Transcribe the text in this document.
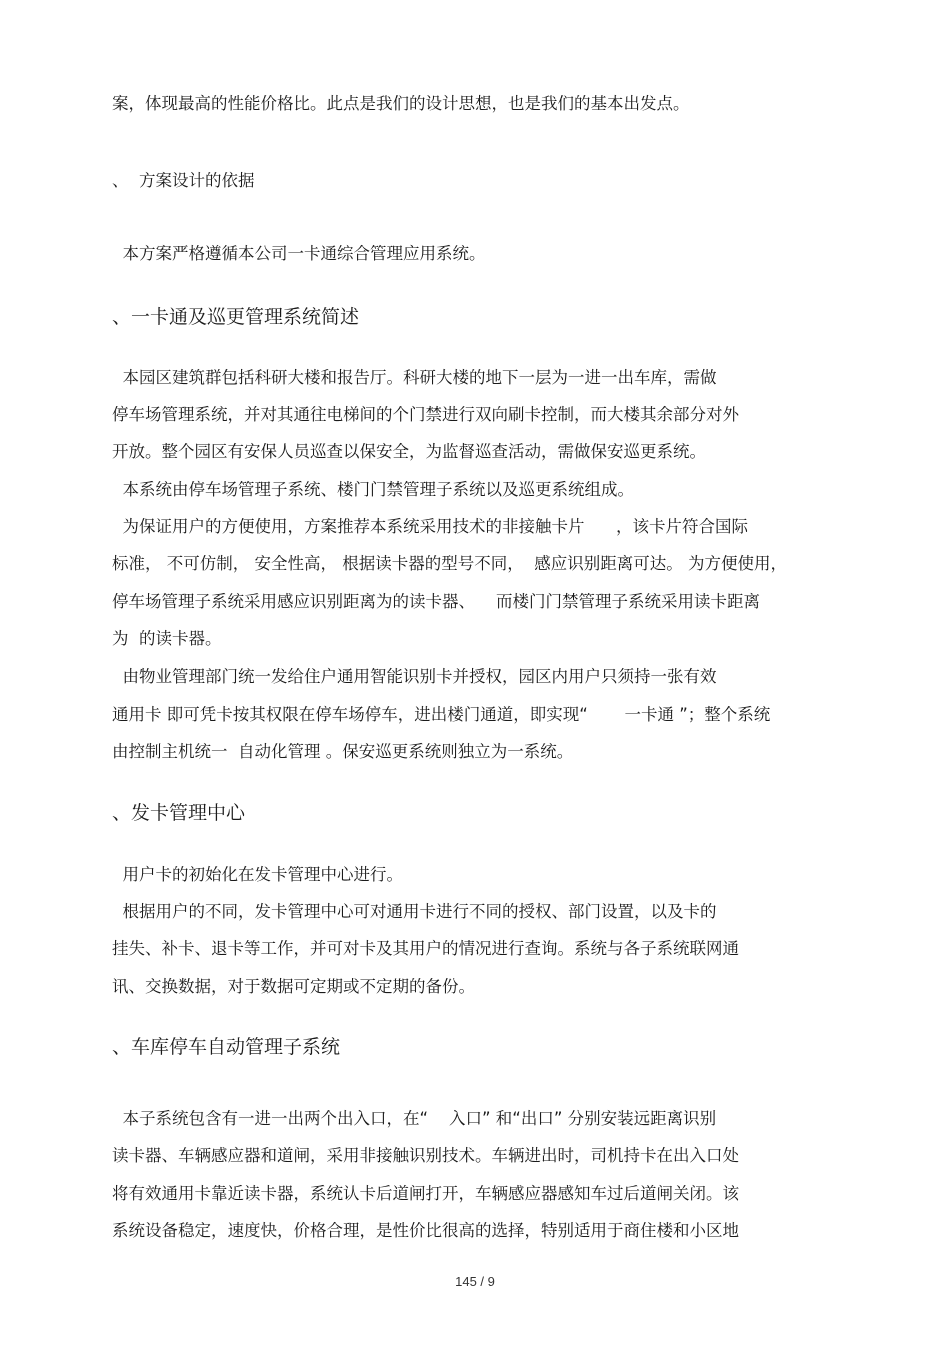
案，体现最高的性能价格比。此点是我们的设计思想，也是我们的基本出发点。

、  方案设计的依据

本方案严格遵循本公司一卡通综合管理应用系统。

、一卡通及巡更管理系统简述

本园区建筑群包括科研大楼和报告厅。科研大楼的地下一层为一进一出车库，需做

停车场管理系统，并对其通往电梯间的个门禁进行双向刷卡控制，而大楼其余部分对外

开放。整个园区有安保人员巡查以保安全，为监督巡查活动，需做保安巡更系统。

本系统由停车场管理子系统、楼门门禁管理子系统以及巡更系统组成。

为保证用户的方便使用，方案推荐本系统采用技术的非接触卡片      ，该卡片符合国际

标准， 不可仿制， 安全性高， 根据读卡器的型号不同，  感应识别距离可达。 为方便使用，

停车场管理子系统采用感应识别距离为的读卡器、    而楼门门禁管理子系统采用读卡距离

为  的读卡器。

由物业管理部门统一发给住户通用智能识别卡并授权，园区内用户只须持一张有效

通用卡 即可凭卡按其权限在停车场停车，进出楼门通道，即实现“       一卡通 ”；整个系统

由控制主机统一  自动化管理 。保安巡更系统则独立为一系统。

、发卡管理中心

用户卡的初始化在发卡管理中心进行。

根据用户的不同，发卡管理中心可对通用卡进行不同的授权、部门设置，以及卡的

挂失、补卡、退卡等工作，并可对卡及其用户的情况进行查询。系统与各子系统联网通

讯、交换数据，对于数据可定期或不定期的备份。

、车库停车自动管理子系统

本子系统包含有一进一出两个出入口，在“    入口” 和“出口” 分别安装远距离识别

读卡器、车辆感应器和道闸，采用非接触识别技术。车辆进出时，司机持卡在出入口处

将有效通用卡靠近读卡器，系统认卡后道闸打开，车辆感应器感知车过后道闸关闭。该

系统设备稳定，速度快，价格合理，是性价比很高的选择，特别适用于商住楼和小区地

145 / 9
